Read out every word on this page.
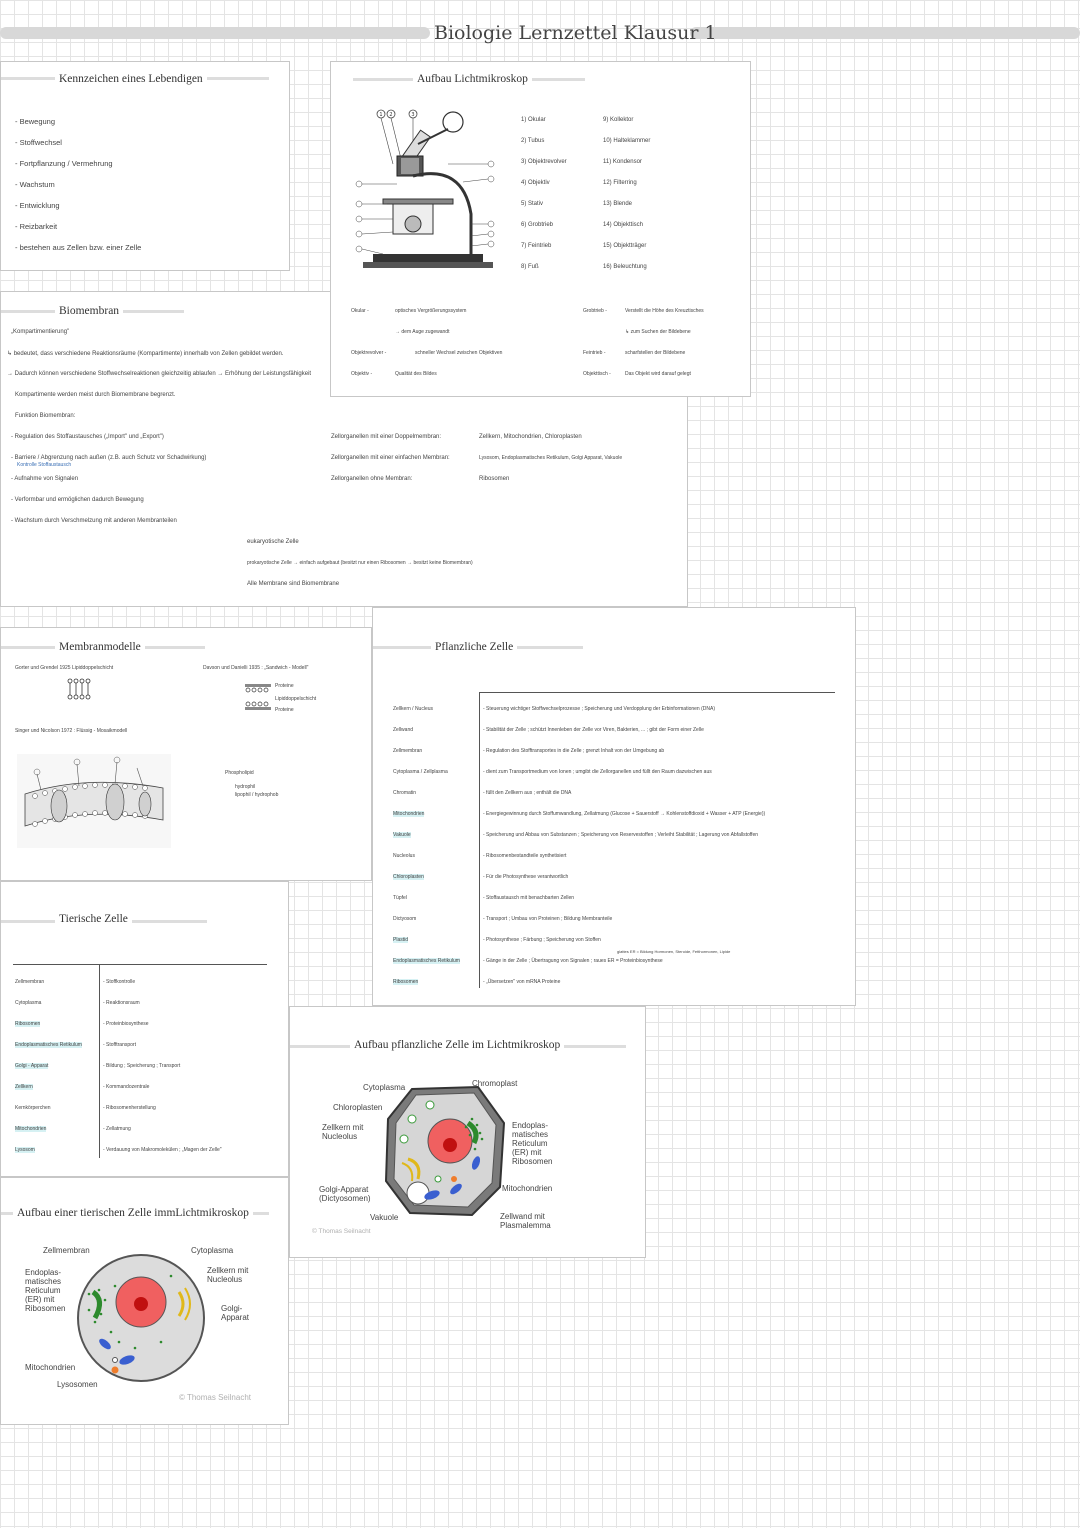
Biologie Lernzettel Klausur 1
Kennzeichen eines Lebendigen
- Bewegung
- Stoffwechsel
- Fortpflanzung / Vermehrung
- Wachstum
- Entwicklung
- Reizbarkeit
- bestehen aus Zellen bzw. einer Zelle
Biomembran
„Kompartimentierung"
↳ bedeutet, dass verschiedene Reaktionsräume (Kompartimente) innerhalb von Zellen gebildet werden.
→ Dadurch können verschiedene Stoffwechselreaktionen gleichzeitig ablaufen → Erhöhung der Leistungsfähigkeit
Kompartimente werden meist durch Biomembrane begrenzt.
Funktion Biomembran:
- Regulation des Stoffaustausches („Import" und „Export")
- Barriere / Abgrenzung nach außen (z.B. auch Schutz vor Schadwirkung)
Kontrolle Stoffaustausch
- Aufnahme von Signalen
- Verformbar und ermöglichen dadurch Bewegung
- Wachstum durch Verschmelzung mit anderen Membranteilen
Zellorganellen mit einer Doppelmembran:	Zellkern, Mitochondrien, Chloroplasten
Zellorganellen mit einer einfachen Membran:	Lysosom, Endoplasmatisches Retikulum, Golgi Apparat, Vakuole
Zellorganellen ohne Membran:	Ribosomen
eukaryotische Zelle
prokaryotische Zelle → einfach aufgebaut (besitzt nur einen Ribosomen → besitzt keine Biomembran)
Alle Membrane sind Biomembrane
Aufbau Lichtmikroskop
1 2	3
1) Okular
2) Tubus
3) Objektrevolver
4) Objektiv
5) Stativ
6) Grobtrieb
7) Feintrieb
8) Fuß
9) Kollektor
10) Halteklammer
11) Kondensor
12) Filterring
13) Blende
14) Objekttisch
15) Objektträger
16) Beleuchtung
Okular -	optisches Vergrößerungssystem
→ dem Auge zugewandt
Objektrevolver -	schneller Wechsel zwischen Objektiven
Objektiv -	Qualität des Bildes
Grobtrieb -	Verstellt die Höhe des Kreuztisches
↳ zum Suchen der Bildebene
Feintrieb -	scharfstellen der Bildebene
Objekttisch -	Das Objekt wird darauf gelegt
Membranmodelle
Gorter und Grendel 1925 Lipiddoppelschicht	Davson und Danielli 1935 : „Sandwich - Modell"
Proteine
Lipiddoppelschicht
Proteine
Singer und Nicolson 1972 : Flüssig - Mosaikmodell
Phospholipid
hydrophil
lipophil / hydrophob
Pflanzliche Zelle
Zellkern / Nucleus	- Steuerung wichtiger Stoffwechselprozesse ; Speicherung und Verdopplung der Erbinformationen (DNA)
Zellwand	- Stabilität der Zelle ; schützt Innenleben der Zelle vor Viren, Bakterien, ... ; gibt der Form einer Zelle
Zellmembran	- Regulation des Stofftransportes in die Zelle ; grenzt Inhalt von der Umgebung ab
Cytoplasma / Zellplasma	- dient zum Transportmedium von Ionen ; umgibt die Zellorganellen und füllt den Raum dazwischen aus
Chromatin	- füllt den Zellkern aus ; enthält die DNA
Mitochondrien	- Energiegewinnung durch Stoffumwandlung, Zellatmung (Glucose + Sauerstoff → Kohlenstoffdioxid + Wasser + ATP (Energie))
Vakuole	- Speicherung und Abbau von Substanzen ; Speicherung von Reservestoffen ; Verleiht Stabilität ; Lagerung von Abfallstoffen
Nucleolus	- Ribosomenbestandteile synthetisiert
Chloroplasten	- Für die Photosynthese verantwortlich
Tüpfel	- Stoffaustausch mit benachbarten Zellen
Dictyosom	- Transport ; Umbau von Proteinen ; Bildung Membranteile
Plastid	- Photosynthese ; Färbung ; Speicherung von Stoffen
Endoplasmatisches Retikulum	- Gänge in der Zelle ; Übertragung von Signalen ; raues ER = Proteinbiosynthese
Ribosomen	- „Übersetzen" von mRNA Proteine
glattes ER = Bildung Hormonen, Steroide, Fetthormonen, Lipide
Tierische Zelle
Zellmembran	- Stoffkontrolle
Cytoplasma	- Reaktionsraum
Ribosomen	- Proteinbiosynthese
Endoplasmatisches Retikulum	- Stofftransport
Golgi - Apparat	- Bildung ; Speicherung ; Transport
Zellkern	- Kommandozentrale
Kernkörperchen	- Ribosomenherstellung
Mitochondrien	- Zellatmung
Lysosom	- Verdauung von Makromolekülen ; „Magen der Zelle"
Aufbau pflanzliche Zelle im Lichtmikroskop
Cytoplasma
Chloroplasten
Zellkern mit Nucleolus
Golgi-Apparat (Dictyosomen)
Vakuole
Chromoplast
Endoplas-matisches Reticulum (ER) mit Ribosomen
Mitochondrien
Zellwand mit Plasmalemma
© Thomas Seilnacht
Aufbau einer tierischen Zelle immLichtmikroskop
Zellmembran
Endoplas-matisches Reticulum (ER) mit Ribosomen
Mitochondrien
Lysosomen
Cytoplasma
Zellkern mit Nucleolus
Golgi-Apparat
© Thomas Seilnacht
